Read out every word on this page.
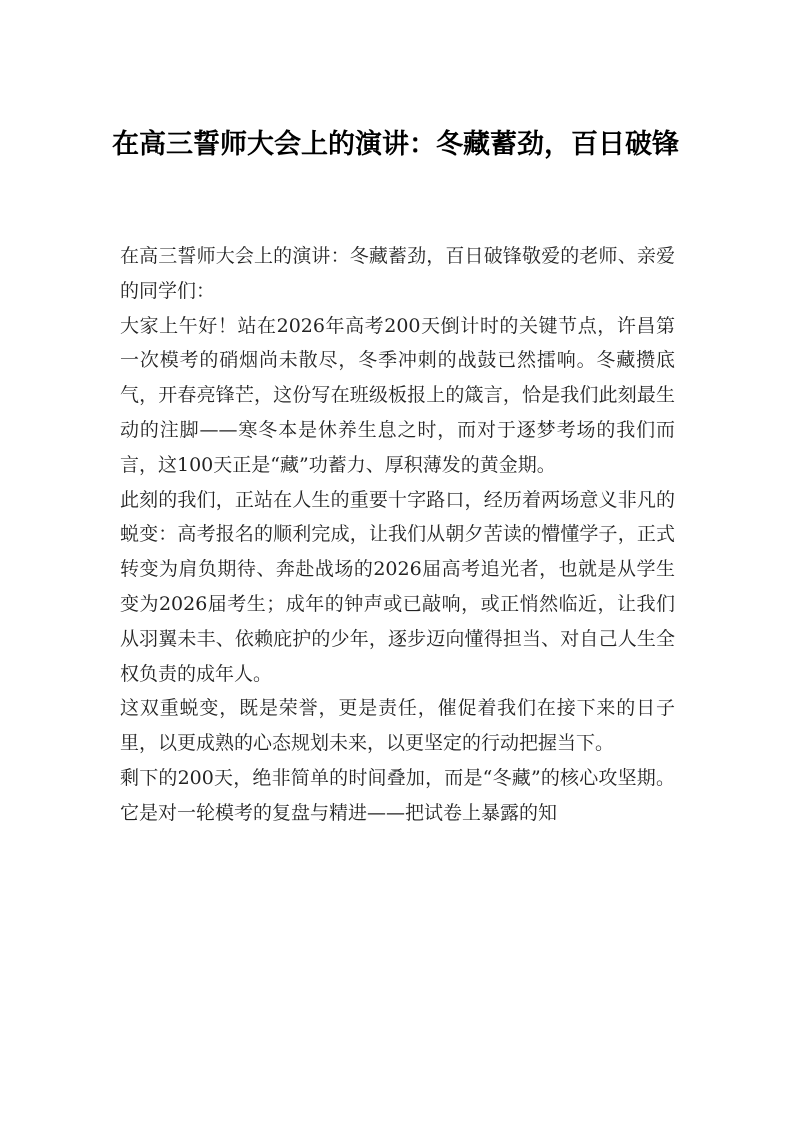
在高三誓师大会上的演讲：冬藏蓄劲，百日破锋

在高三誓师大会上的演讲：冬藏蓄劲，百日破锋敬爱的老师、亲爱的同学们：

大家上午好！站在2026年高考200天倒计时的关键节点，许昌第一次模考的硝烟尚未散尽，冬季冲刺的战鼓已然擂响。冬藏攒底气，开春亮锋芒，这份写在班级板报上的箴言，恰是我们此刻最生动的注脚——寒冬本是休养生息之时，而对于逐梦考场的我们而言，这100天正是“藏”功蓄力、厚积薄发的黄金期。

此刻的我们，正站在人生的重要十字路口，经历着两场意义非凡的蜕变：高考报名的顺利完成，让我们从朝夕苦读的懵懂学子，正式转变为肩负期待、奔赴战场的2026届高考追光者，也就是从学生变为2026届考生；成年的钟声或已敲响，或正悄然临近，让我们从羽翼未丰、依赖庇护的少年，逐步迈向懂得担当、对自己人生全权负责的成年人。

这双重蜕变，既是荣誉，更是责任，催促着我们在接下来的日子里，以更成熟的心态规划未来，以更坚定的行动把握当下。

剩下的200天，绝非简单的时间叠加，而是“冬藏”的核心攻坚期。它是对一轮模考的复盘与精进——把试卷上暴露的知
